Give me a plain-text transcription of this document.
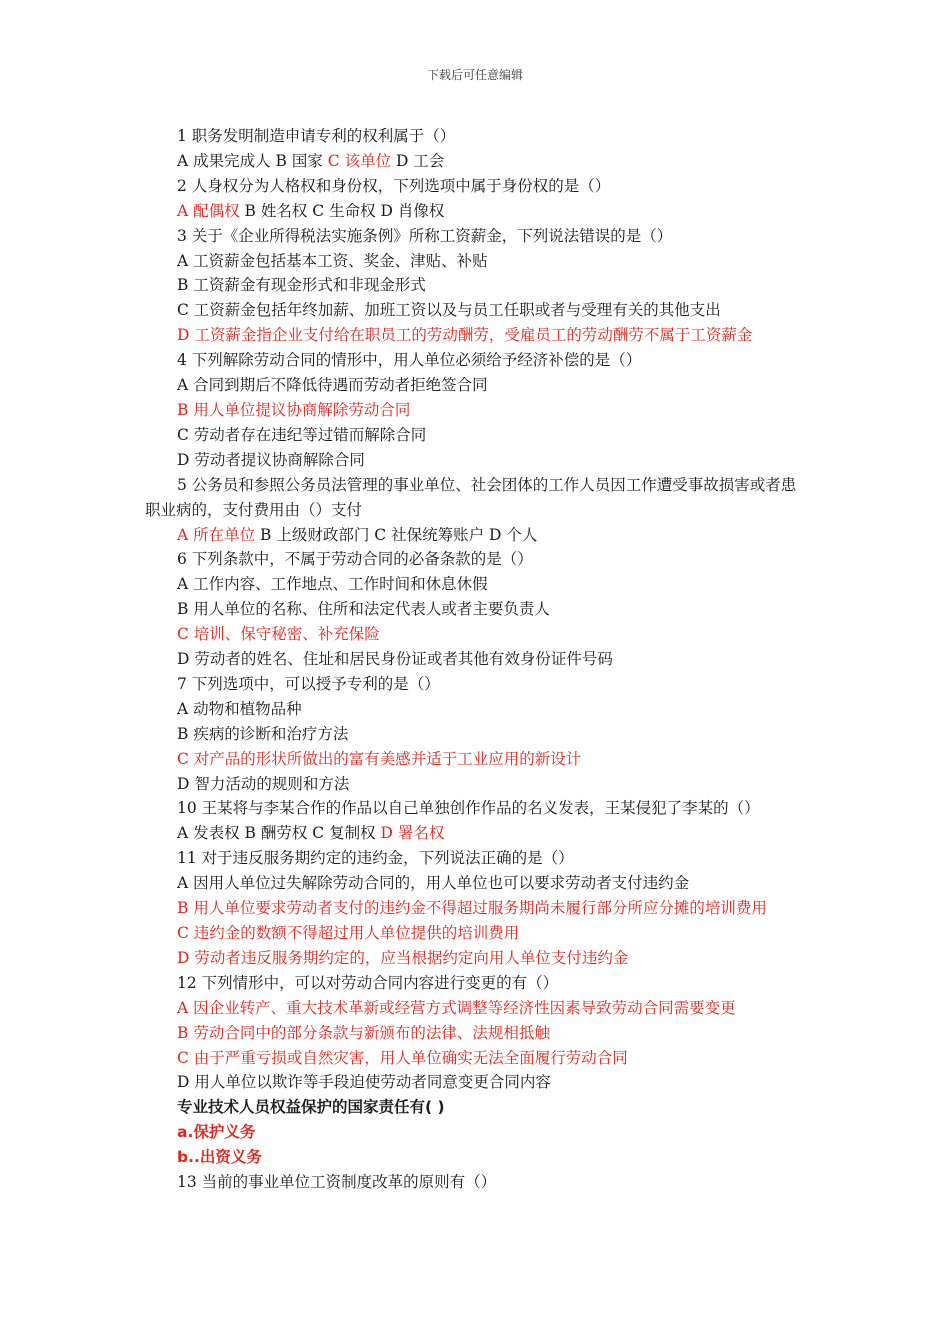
下载后可任意编辑
1 职务发明制造申请专利的权利属于（）
A 成果完成人 B 国家 C 该单位 D 工会
2 人身权分为人格权和身份权，下列选项中属于身份权的是（）
A 配偶权 B 姓名权 C 生命权 D 肖像权
3 关于《企业所得税法实施条例》所称工资薪金，下列说法错误的是（）
A 工资薪金包括基本工资、奖金、津贴、补贴
B 工资薪金有现金形式和非现金形式
C 工资薪金包括年终加薪、加班工资以及与员工任职或者与受理有关的其他支出
D 工资薪金指企业支付给在职员工的劳动酬劳，受雇员工的劳动酬劳不属于工资薪金
4 下列解除劳动合同的情形中，用人单位必须给予经济补偿的是（）
A 合同到期后不降低待遇而劳动者拒绝签合同
B 用人单位提议协商解除劳动合同
C 劳动者存在违纪等过错而解除合同
D 劳动者提议协商解除合同
5 公务员和参照公务员法管理的事业单位、社会团体的工作人员因工作遭受事故损害或者患职业病的，支付费用由（）支付
A 所在单位 B 上级财政部门 C 社保统筹账户 D 个人
6 下列条款中，不属于劳动合同的必备条款的是（）
A 工作内容、工作地点、工作时间和休息休假
B 用人单位的名称、住所和法定代表人或者主要负责人
C 培训、保守秘密、补充保险
D 劳动者的姓名、住址和居民身份证或者其他有效身份证件号码
7 下列选项中，可以授予专利的是（）
A 动物和植物品种
B 疾病的诊断和治疗方法
C 对产品的形状所做出的富有美感并适于工业应用的新设计
D 智力活动的规则和方法
10 王某将与李某合作的作品以自己单独创作作品的名义发表，王某侵犯了李某的（）
A 发表权 B 酬劳权 C 复制权 D 署名权
11 对于违反服务期约定的违约金，下列说法正确的是（）
A 因用人单位过失解除劳动合同的，用人单位也可以要求劳动者支付违约金
B 用人单位要求劳动者支付的违约金不得超过服务期尚未履行部分所应分摊的培训费用
C 违约金的数额不得超过用人单位提供的培训费用
D 劳动者违反服务期约定的，应当根据约定向用人单位支付违约金
12 下列情形中，可以对劳动合同内容进行变更的有（）
A 因企业转产、重大技术革新或经营方式调整等经济性因素导致劳动合同需要变更
B 劳动合同中的部分条款与新颁布的法律、法规相抵触
C 由于严重亏损或自然灾害，用人单位确实无法全面履行劳动合同
D 用人单位以欺诈等手段迫使劳动者同意变更合同内容
专业技术人员权益保护的国家责任有( )
a.保护义务
b..出资义务
13 当前的事业单位工资制度改革的原则有（）
